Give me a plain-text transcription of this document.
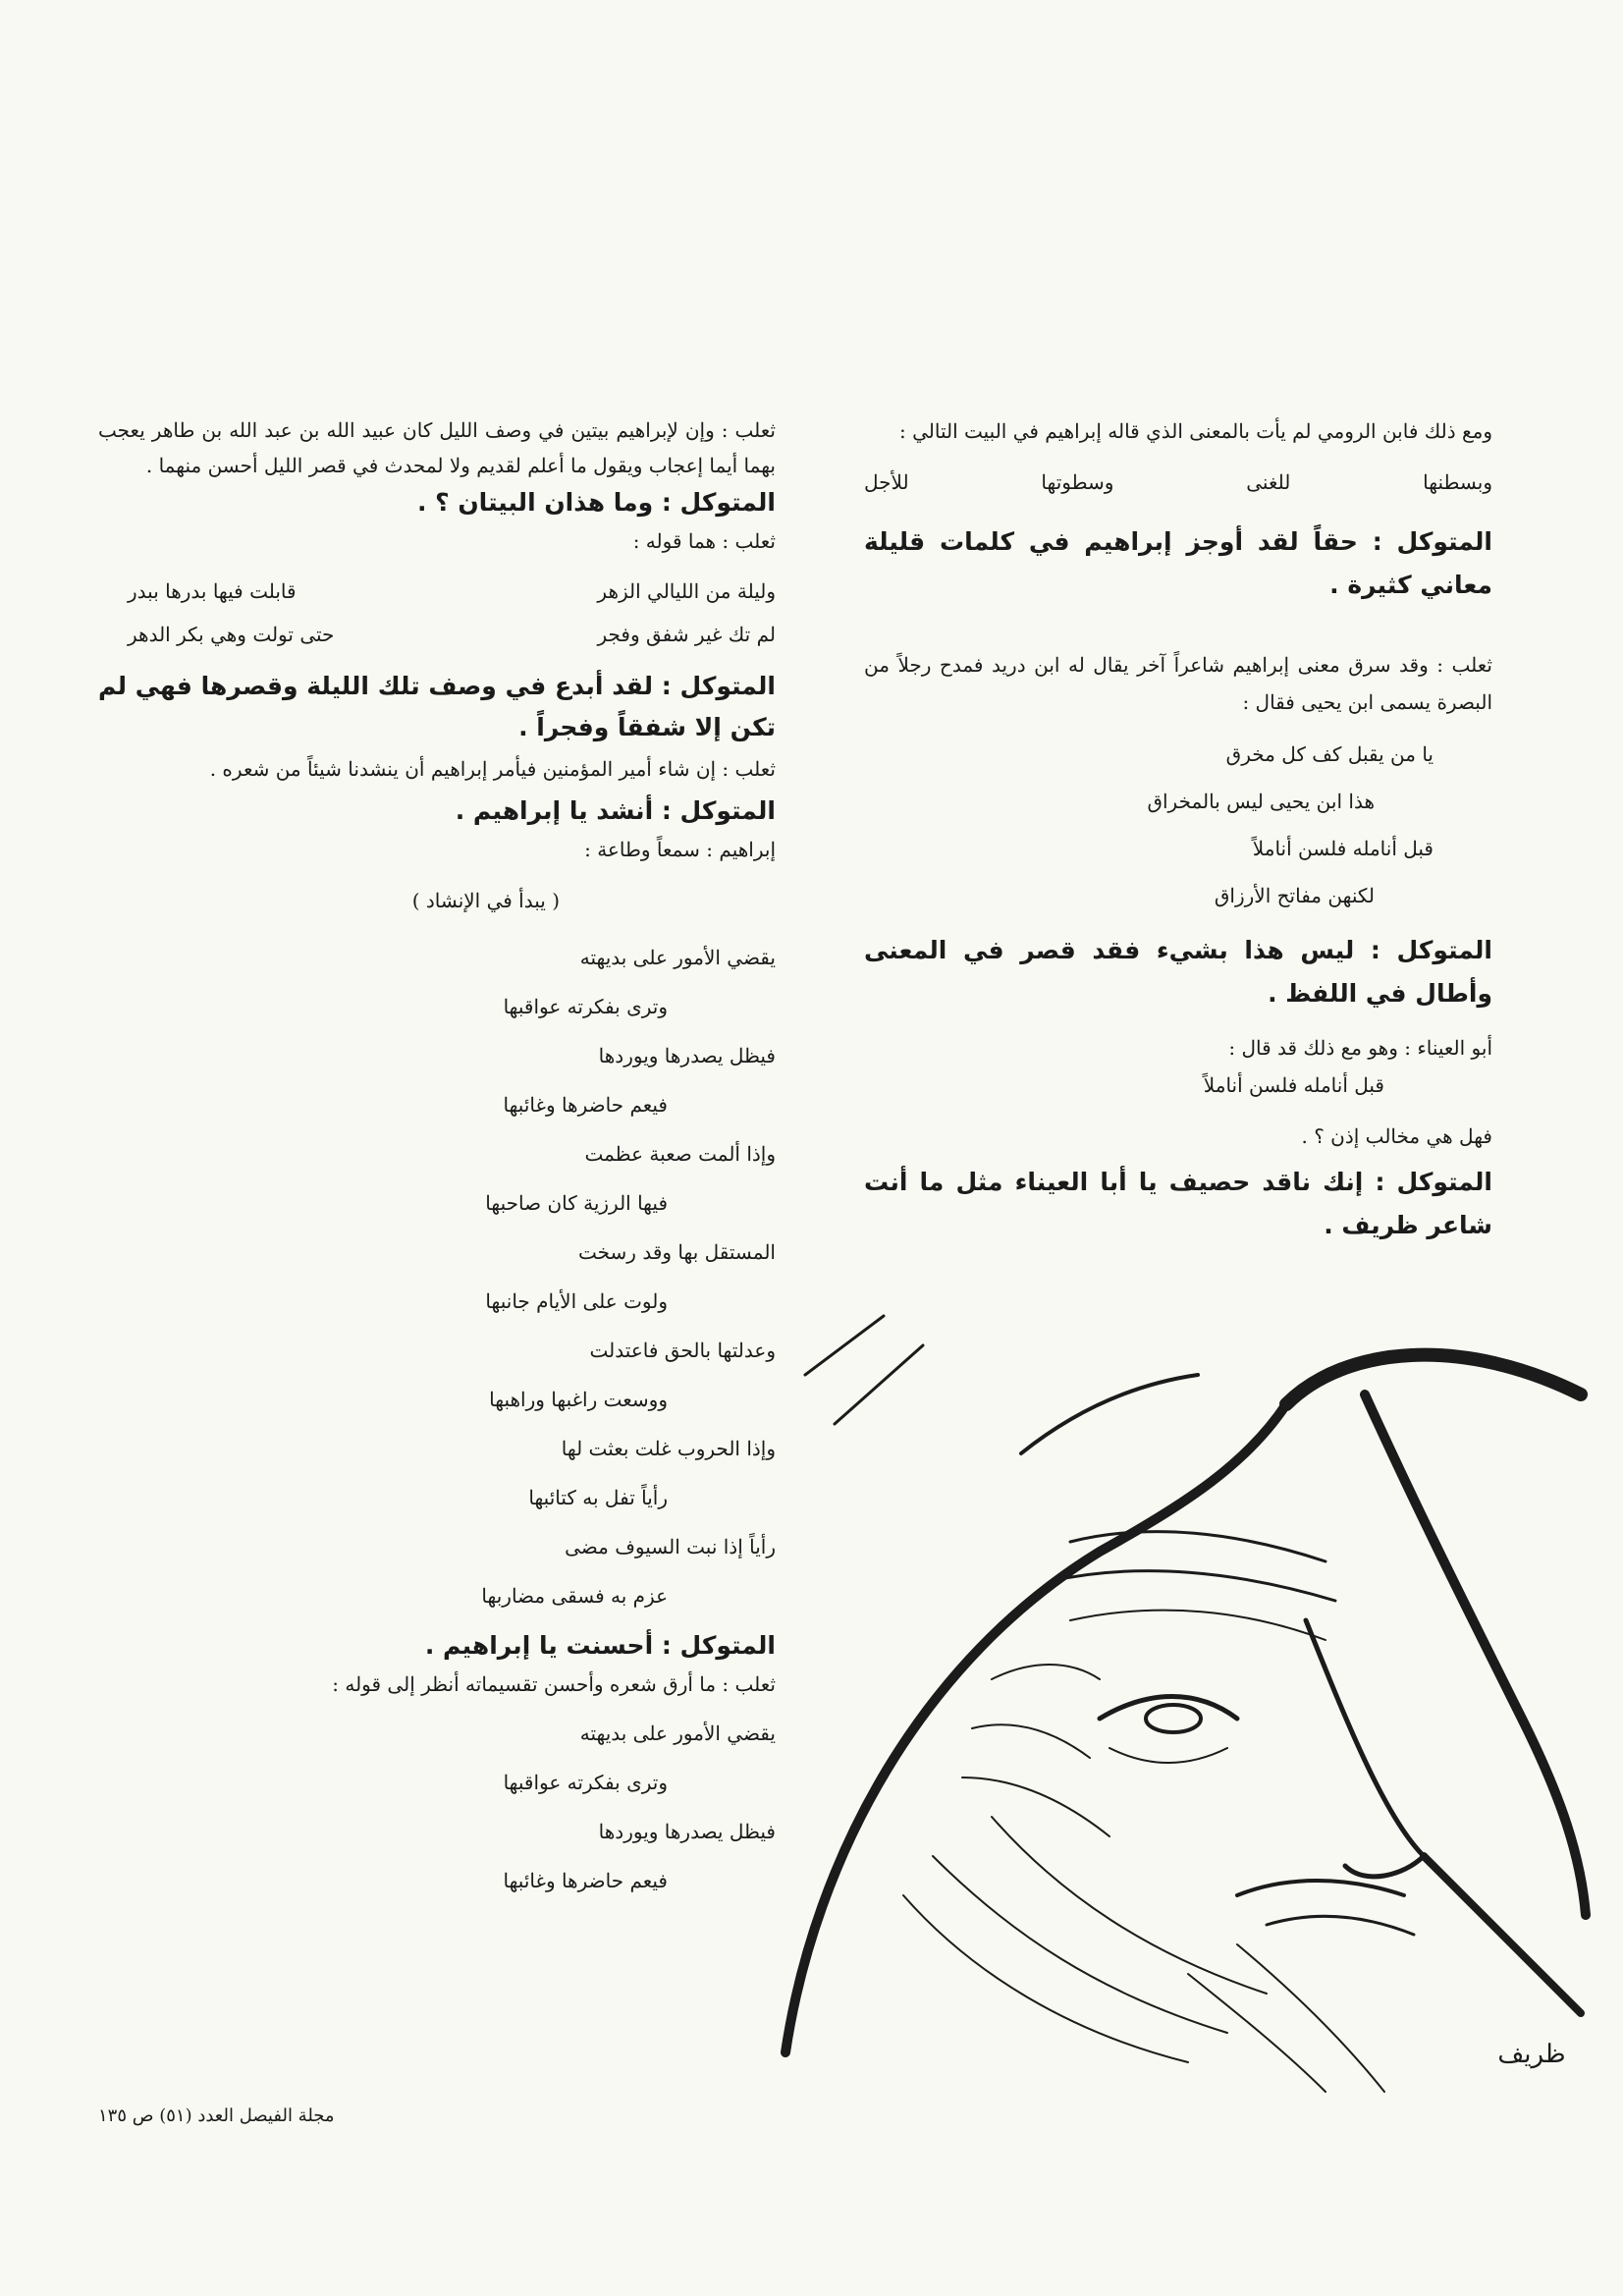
ومع ذلك فابن الرومي لم يأت بالمعنى الذي قاله إبراهيم في البيت التالي :

وبسطنها
للغنى
وسطوتها
للأجل

المتوكل : حقاً لقد أوجز إبراهيم في كلمات قليلة معاني كثيرة .

ثعلب : وقد سرق معنى إبراهيم شاعراً آخر يقال له ابن دريد فمدح رجلاً من البصرة يسمى ابن يحيى فقال :

يا من يقبل كف كل مخرق

هذا ابن يحيى ليس بالمخراق

قبل أنامله فلسن أناملاً

لكنهن مفاتح الأرزاق

المتوكل : ليس هذا بشيء فقد قصر في المعنى وأطال في اللفظ .

أبو العيناء : وهو مع ذلك قد قال :

قبل أنامله فلسن أناملاً

فهل هي مخالب إذن ؟ .

المتوكل : إنك ناقد حصيف يا أبا العيناء مثل ما أنت شاعر ظريف .

ثعلب : وإن لإبراهيم بيتين في وصف الليل كان عبيد الله بن عبد الله بن طاهر يعجب بهما أيما إعجاب ويقول ما أعلم لقديم ولا لمحدث في قصر الليل أحسن منهما .

المتوكل : وما هذان البيتان ؟ .

ثعلب : هما قوله :

وليلة من الليالي الزهر
قابلت فيها بدرها ببدر
لم تك غير شفق وفجر
حتى تولت وهي بكر الدهر

المتوكل : لقد أبدع في وصف تلك الليلة وقصرها فهي لم تكن إلا شفقاً وفجراً .

ثعلب : إن شاء أمير المؤمنين فيأمر إبراهيم أن ينشدنا شيئاً من شعره .

المتوكل : أنشد يا إبراهيم .

إبراهيم : سمعاً وطاعة :

( يبدأ في الإنشاد )

يقضي الأمور على بديهته

وترى بفكرته عواقبها

فيظل يصدرها ويوردها

فيعم حاضرها وغائبها

وإذا ألمت صعبة عظمت

فيها الرزية كان صاحبها

المستقل بها وقد رسخت

ولوت على الأيام جانبها

وعدلتها بالحق فاعتدلت

ووسعت راغبها وراهبها

وإذا الحروب غلت بعثت لها

رأياً تفل به كتائبها

رأياً إذا نبت السيوف مضى

عزم به فسقى مضاربها

المتوكل : أحسنت يا إبراهيم .

ثعلب : ما أرق شعره وأحسن تقسيماته أنظر إلى قوله :

يقضي الأمور على بديهته

وترى بفكرته عواقبها

فيظل يصدرها ويوردها

فيعم حاضرها وغائبها

ظريف
مجلة الفيصل العدد (٥١) ص ١٣٥
